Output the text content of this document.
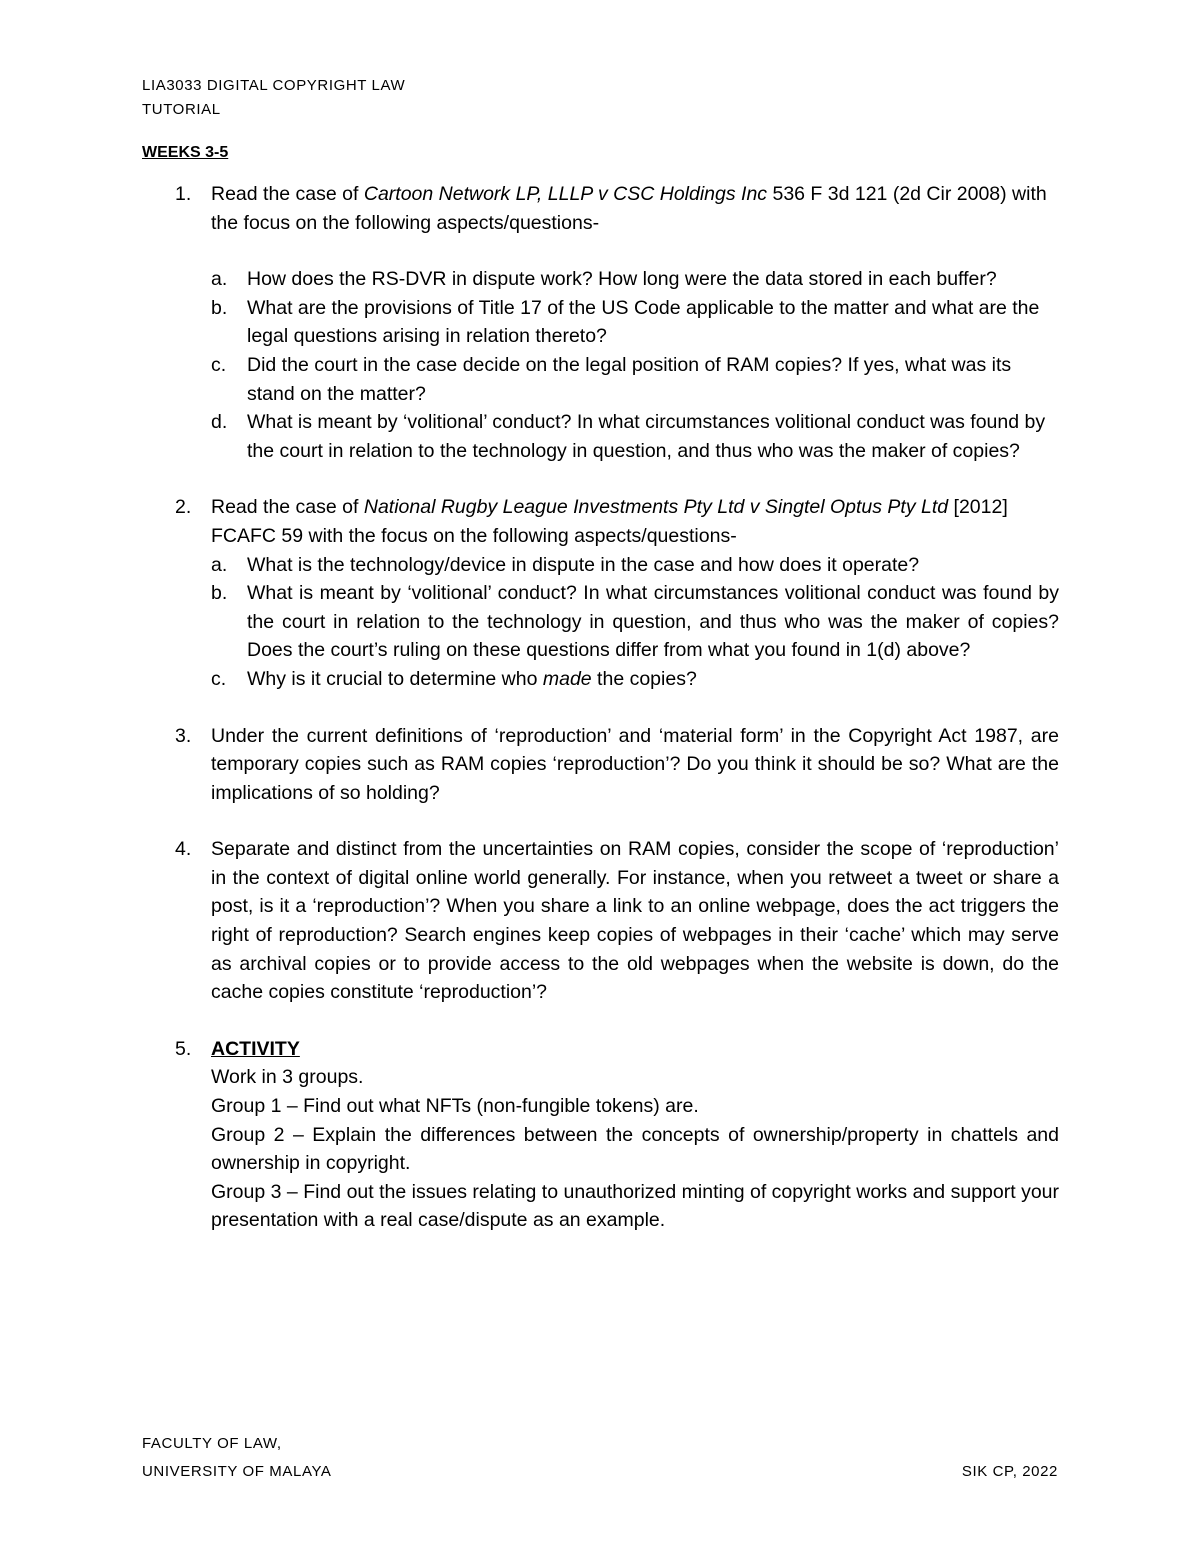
LIA3033 DIGITAL COPYRIGHT LAW
TUTORIAL
WEEKS 3-5
1.	Read the case of Cartoon Network LP, LLLP v CSC Holdings Inc 536 F 3d 121 (2d Cir 2008) with the focus on the following aspects/questions-

a.	How does the RS-DVR in dispute work? How long were the data stored in each buffer?
b.	What are the provisions of Title 17 of the US Code applicable to the matter and what are the legal questions arising in relation thereto?
c.	Did the court in the case decide on the legal position of RAM copies? If yes, what was its stand on the matter?
d.	What is meant by ‘volitional’ conduct? In what circumstances volitional conduct was found by the court in relation to the technology in question, and thus who was the maker of copies?
2.	Read the case of National Rugby League Investments Pty Ltd v Singtel Optus Pty Ltd [2012] FCAFC 59 with the focus on the following aspects/questions-

a.	What is the technology/device in dispute in the case and how does it operate?
b.	What is meant by ‘volitional’ conduct? In what circumstances volitional conduct was found by the court in relation to the technology in question, and thus who was the maker of copies? Does the court’s ruling on these questions differ from what you found in 1(d) above?
c.	Why is it crucial to determine who made the copies?
3.	Under the current definitions of ‘reproduction’ and ‘material form’ in the Copyright Act 1987, are temporary copies such as RAM copies ‘reproduction’? Do you think it should be so? What are the implications of so holding?
4.	Separate and distinct from the uncertainties on RAM copies, consider the scope of ‘reproduction’ in the context of digital online world generally. For instance, when you retweet a tweet or share a post, is it a ‘reproduction’? When you share a link to an online webpage, does the act triggers the right of reproduction? Search engines keep copies of webpages in their ‘cache’ which may serve as archival copies or to provide access to the old webpages when the website is down, do the cache copies constitute ‘reproduction’?
5.	ACTIVITY
Work in 3 groups.
Group 1 – Find out what NFTs (non-fungible tokens) are.
Group 2 – Explain the differences between the concepts of ownership/property in chattels and ownership in copyright.
Group 3 – Find out the issues relating to unauthorized minting of copyright works and support your presentation with a real case/dispute as an example.
FACULTY OF LAW,
UNIVERSITY OF MALAYA	SIK CP, 2022
